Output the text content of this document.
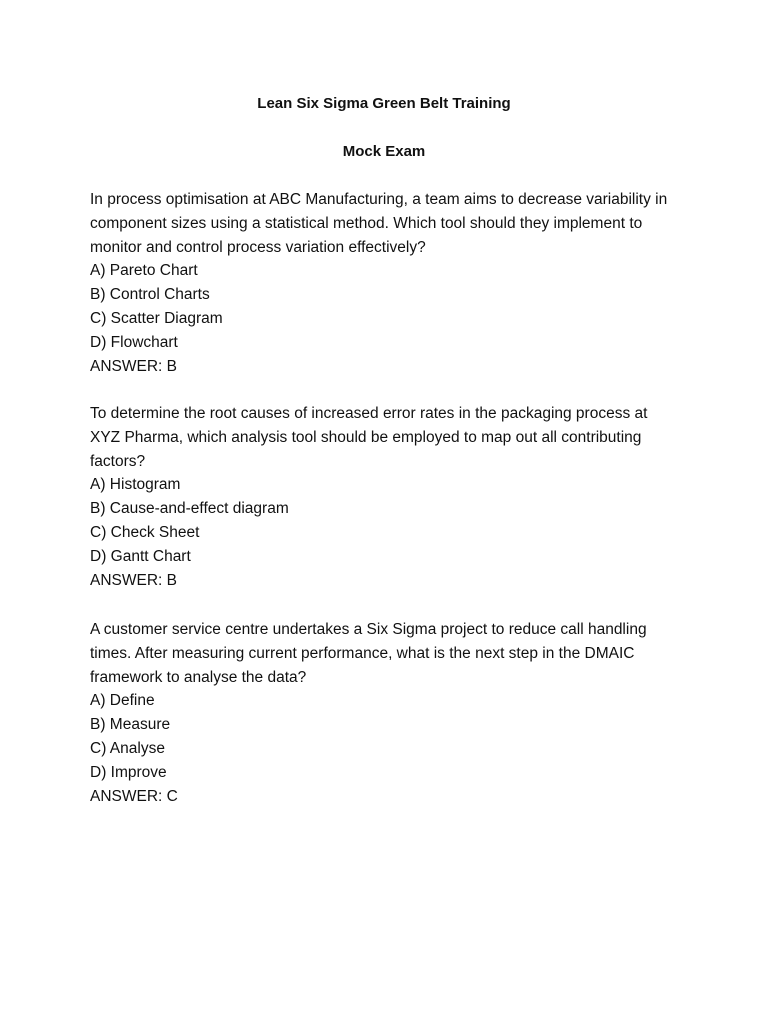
Lean Six Sigma Green Belt Training
Mock Exam

In process optimisation at ABC Manufacturing, a team aims to decrease variability in component sizes using a statistical method. Which tool should they implement to monitor and control process variation effectively?

A) Pareto Chart
B) Control Charts
C) Scatter Diagram
D) Flowchart
ANSWER: B

To determine the root causes of increased error rates in the packaging process at XYZ Pharma, which analysis tool should be employed to map out all contributing factors?

A) Histogram
B) Cause-and-effect diagram
C) Check Sheet
D) Gantt Chart
ANSWER: B

A customer service centre undertakes a Six Sigma project to reduce call handling times. After measuring current performance, what is the next step in the DMAIC framework to analyse the data?

A) Define
B) Measure
C) Analyse
D) Improve
ANSWER: C
